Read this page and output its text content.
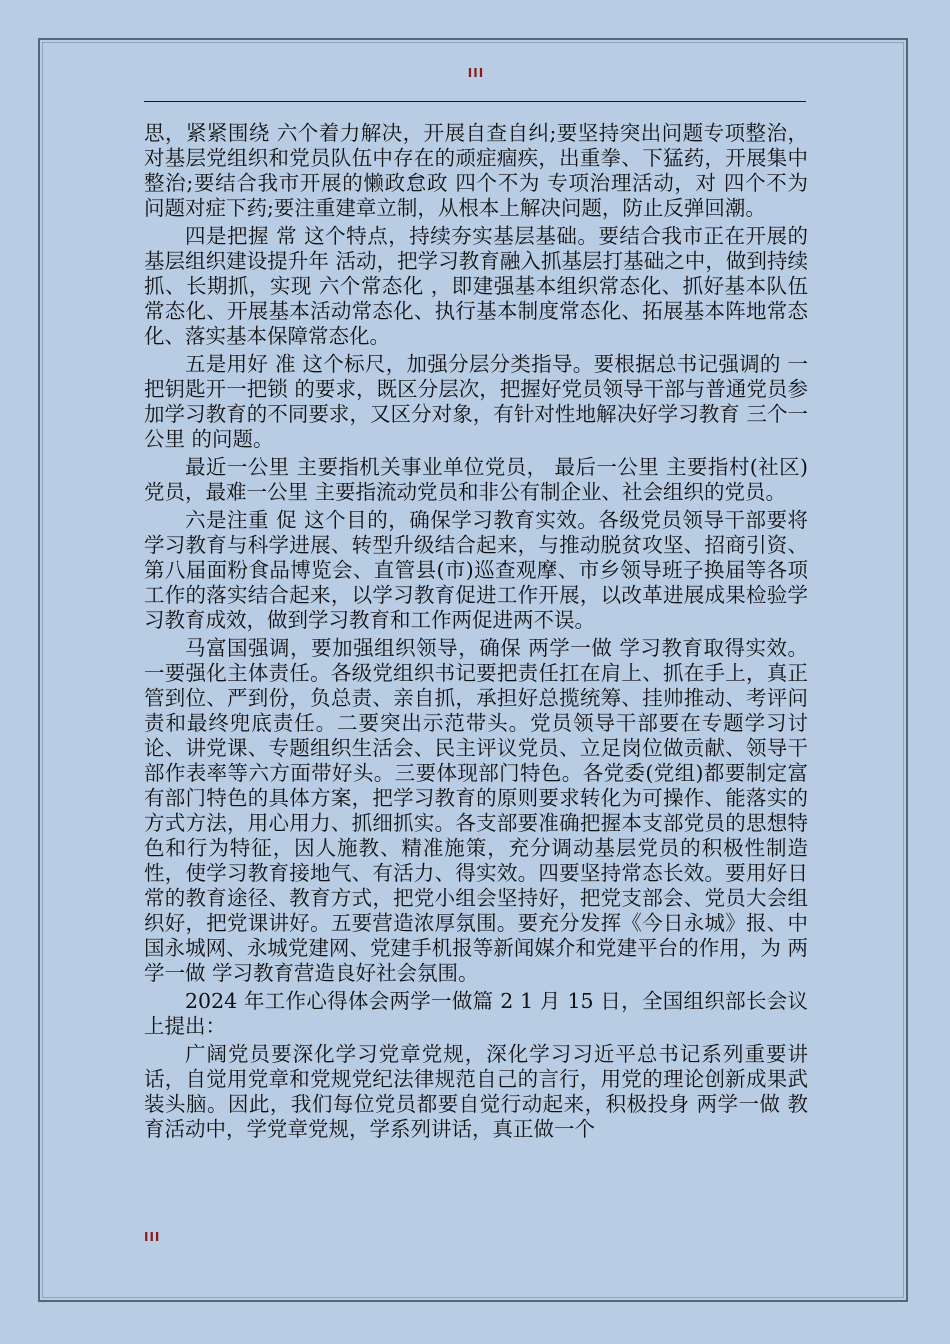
III

思，紧紧围绕 六个着力解决，开展自查自纠;要坚持突出问题专项整治，对基层党组织和党员队伍中存在的顽症痼疾，出重拳、下猛药，开展集中整治;要结合我市开展的懒政怠政 四个不为 专项治理活动，对 四个不为 问题对症下药;要注重建章立制，从根本上解决问题，防止反弹回潮。

四是把握 常 这个特点，持续夯实基层基础。要结合我市正在开展的 基层组织建设提升年 活动，把学习教育融入抓基层打基础之中，做到持续抓、长期抓，实现 六个常态化 ，即建强基本组织常态化、抓好基本队伍常态化、开展基本活动常态化、执行基本制度常态化、拓展基本阵地常态化、落实基本保障常态化。

五是用好 准 这个标尺，加强分层分类指导。要根据总书记强调的 一把钥匙开一把锁 的要求，既区分层次，把握好党员领导干部与普通党员参加学习教育的不同要求，又区分对象，有针对性地解决好学习教育 三个一公里 的问题。

最近一公里 主要指机关事业单位党员， 最后一公里 主要指村(社区)党员，最难一公里 主要指流动党员和非公有制企业、社会组织的党员。

六是注重 促 这个目的，确保学习教育实效。各级党员领导干部要将学习教育与科学进展、转型升级结合起来，与推动脱贫攻坚、招商引资、第八届面粉食品博览会、直管县(市)巡查观摩、市乡领导班子换届等各项工作的落实结合起来，以学习教育促进工作开展，以改革进展成果检验学习教育成效，做到学习教育和工作两促进两不误。

马富国强调，要加强组织领导，确保 两学一做 学习教育取得实效。一要强化主体责任。各级党组织书记要把责任扛在肩上、抓在手上，真正管到位、严到份，负总责、亲自抓，承担好总揽统筹、挂帅推动、考评问责和最终兜底责任。二要突出示范带头。党员领导干部要在专题学习讨论、讲党课、专题组织生活会、民主评议党员、立足岗位做贡献、领导干部作表率等六方面带好头。三要体现部门特色。各党委(党组)都要制定富有部门特色的具体方案，把学习教育的原则要求转化为可操作、能落实的方式方法，用心用力、抓细抓实。各支部要准确把握本支部党员的思想特色和行为特征，因人施教、精准施策，充分调动基层党员的积极性制造性，使学习教育接地气、有活力、得实效。四要坚持常态长效。要用好日常的教育途径、教育方式，把党小组会坚持好，把党支部会、党员大会组织好，把党课讲好。五要营造浓厚氛围。要充分发挥《今日永城》报、中国永城网、永城党建网、党建手机报等新闻媒介和党建平台的作用，为 两学一做 学习教育营造良好社会氛围。

2024 年工作心得体会两学一做篇 2 1 月 15 日，全国组织部长会议上提出：

广阔党员要深化学习党章党规，深化学习习近平总书记系列重要讲话，自觉用党章和党规党纪法律规范自己的言行，用党的理论创新成果武装头脑。因此，我们每位党员都要自觉行动起来，积极投身 两学一做 教育活动中，学党章党规，学系列讲话，真正做一个

III
